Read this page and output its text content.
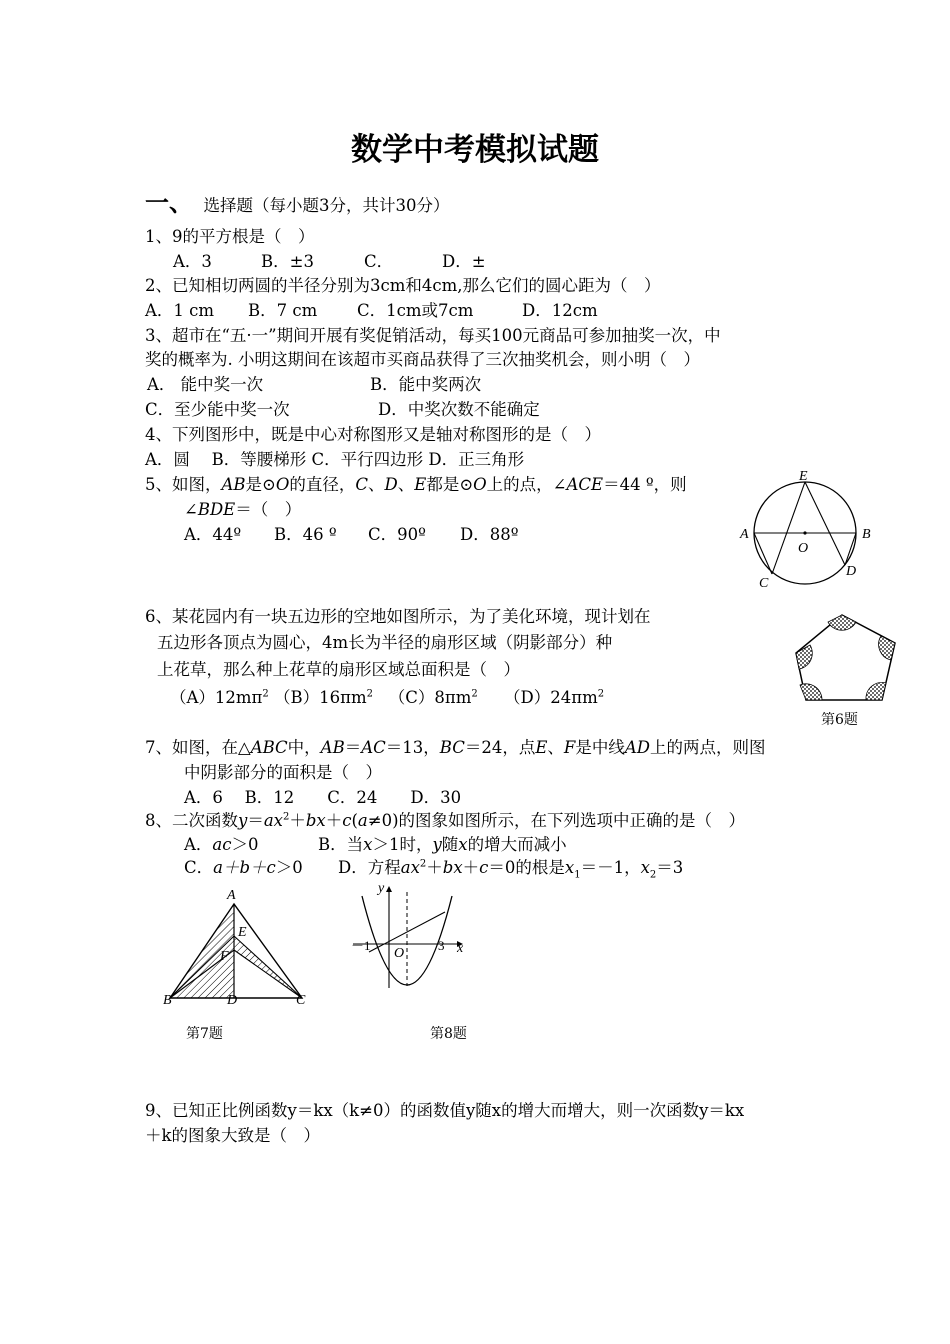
数学中考模拟试题
一、 选择题（每小题3分，共计30分）
1、9的平方根是（　）
A．3	B．±3	C．	D．±
2、已知相切两圆的半径分别为3cm和4cm,那么它们的圆心距为（　）
A．1 cm B．7 cm C．1cm或7cm	D．12cm
3、超市在“五·一”期间开展有奖促销活动，每买100元商品可参加抽奖一次，中
奖的概率为. 小明这期间在该超市买商品获得了三次抽奖机会，则小明（　）
A． 能中奖一次	B．能中奖两次
C．至少能中奖一次	D．中奖次数不能确定
4、下列图形中，既是中心对称图形又是轴对称图形的是（　）
A．圆　 B．等腰梯形 C．平行四边形 D．正三角形
5、如图，AB是⊙O的直径，C、D、E都是⊙O上的点，∠ACE＝44 º，则
∠BDE＝（　）
A．44º B．46 º C．90º D．88º
E
A	B
O
C
D
6、某花园内有一块五边形的空地如图所示，为了美化环境，现计划在
五边形各顶点为圆心，4m长为半径的扇形区域（阴影部分）种
上花草，那么种上花草的扇形区域总面积是（　）
$(A)12m\pi^2$ $(B)16\pi m^2$ $(C)8\pi m^2$ $(D)24\pi m^2$
第6题
7、如图，在△ABC中，AB＝AC＝13，BC＝24，点E、F是中线AD上的两点，则图
中阴影部分的面积是（　）
A．6　 B．12　　C．24　　D．30
8、二次函数$y=ax^2+bx+c(a\ne 0)$的图象如图所示，在下列选项中正确的是（　）
A．ac＞0	B．当x＞1时，y随x的增大而减小
C．a＋b＋c＞0 D．方程$ax^2+bx+c=0$的根是$x_1=-1$，$x_2=3$
A
E
F
B	D	C
第7题
y
x
O
－1	3
第8题
9、已知正比例函数y＝kx（k≠0）的函数值y随x的增大而增大，则一次函数y＝kx
＋k的图象大致是（　）
